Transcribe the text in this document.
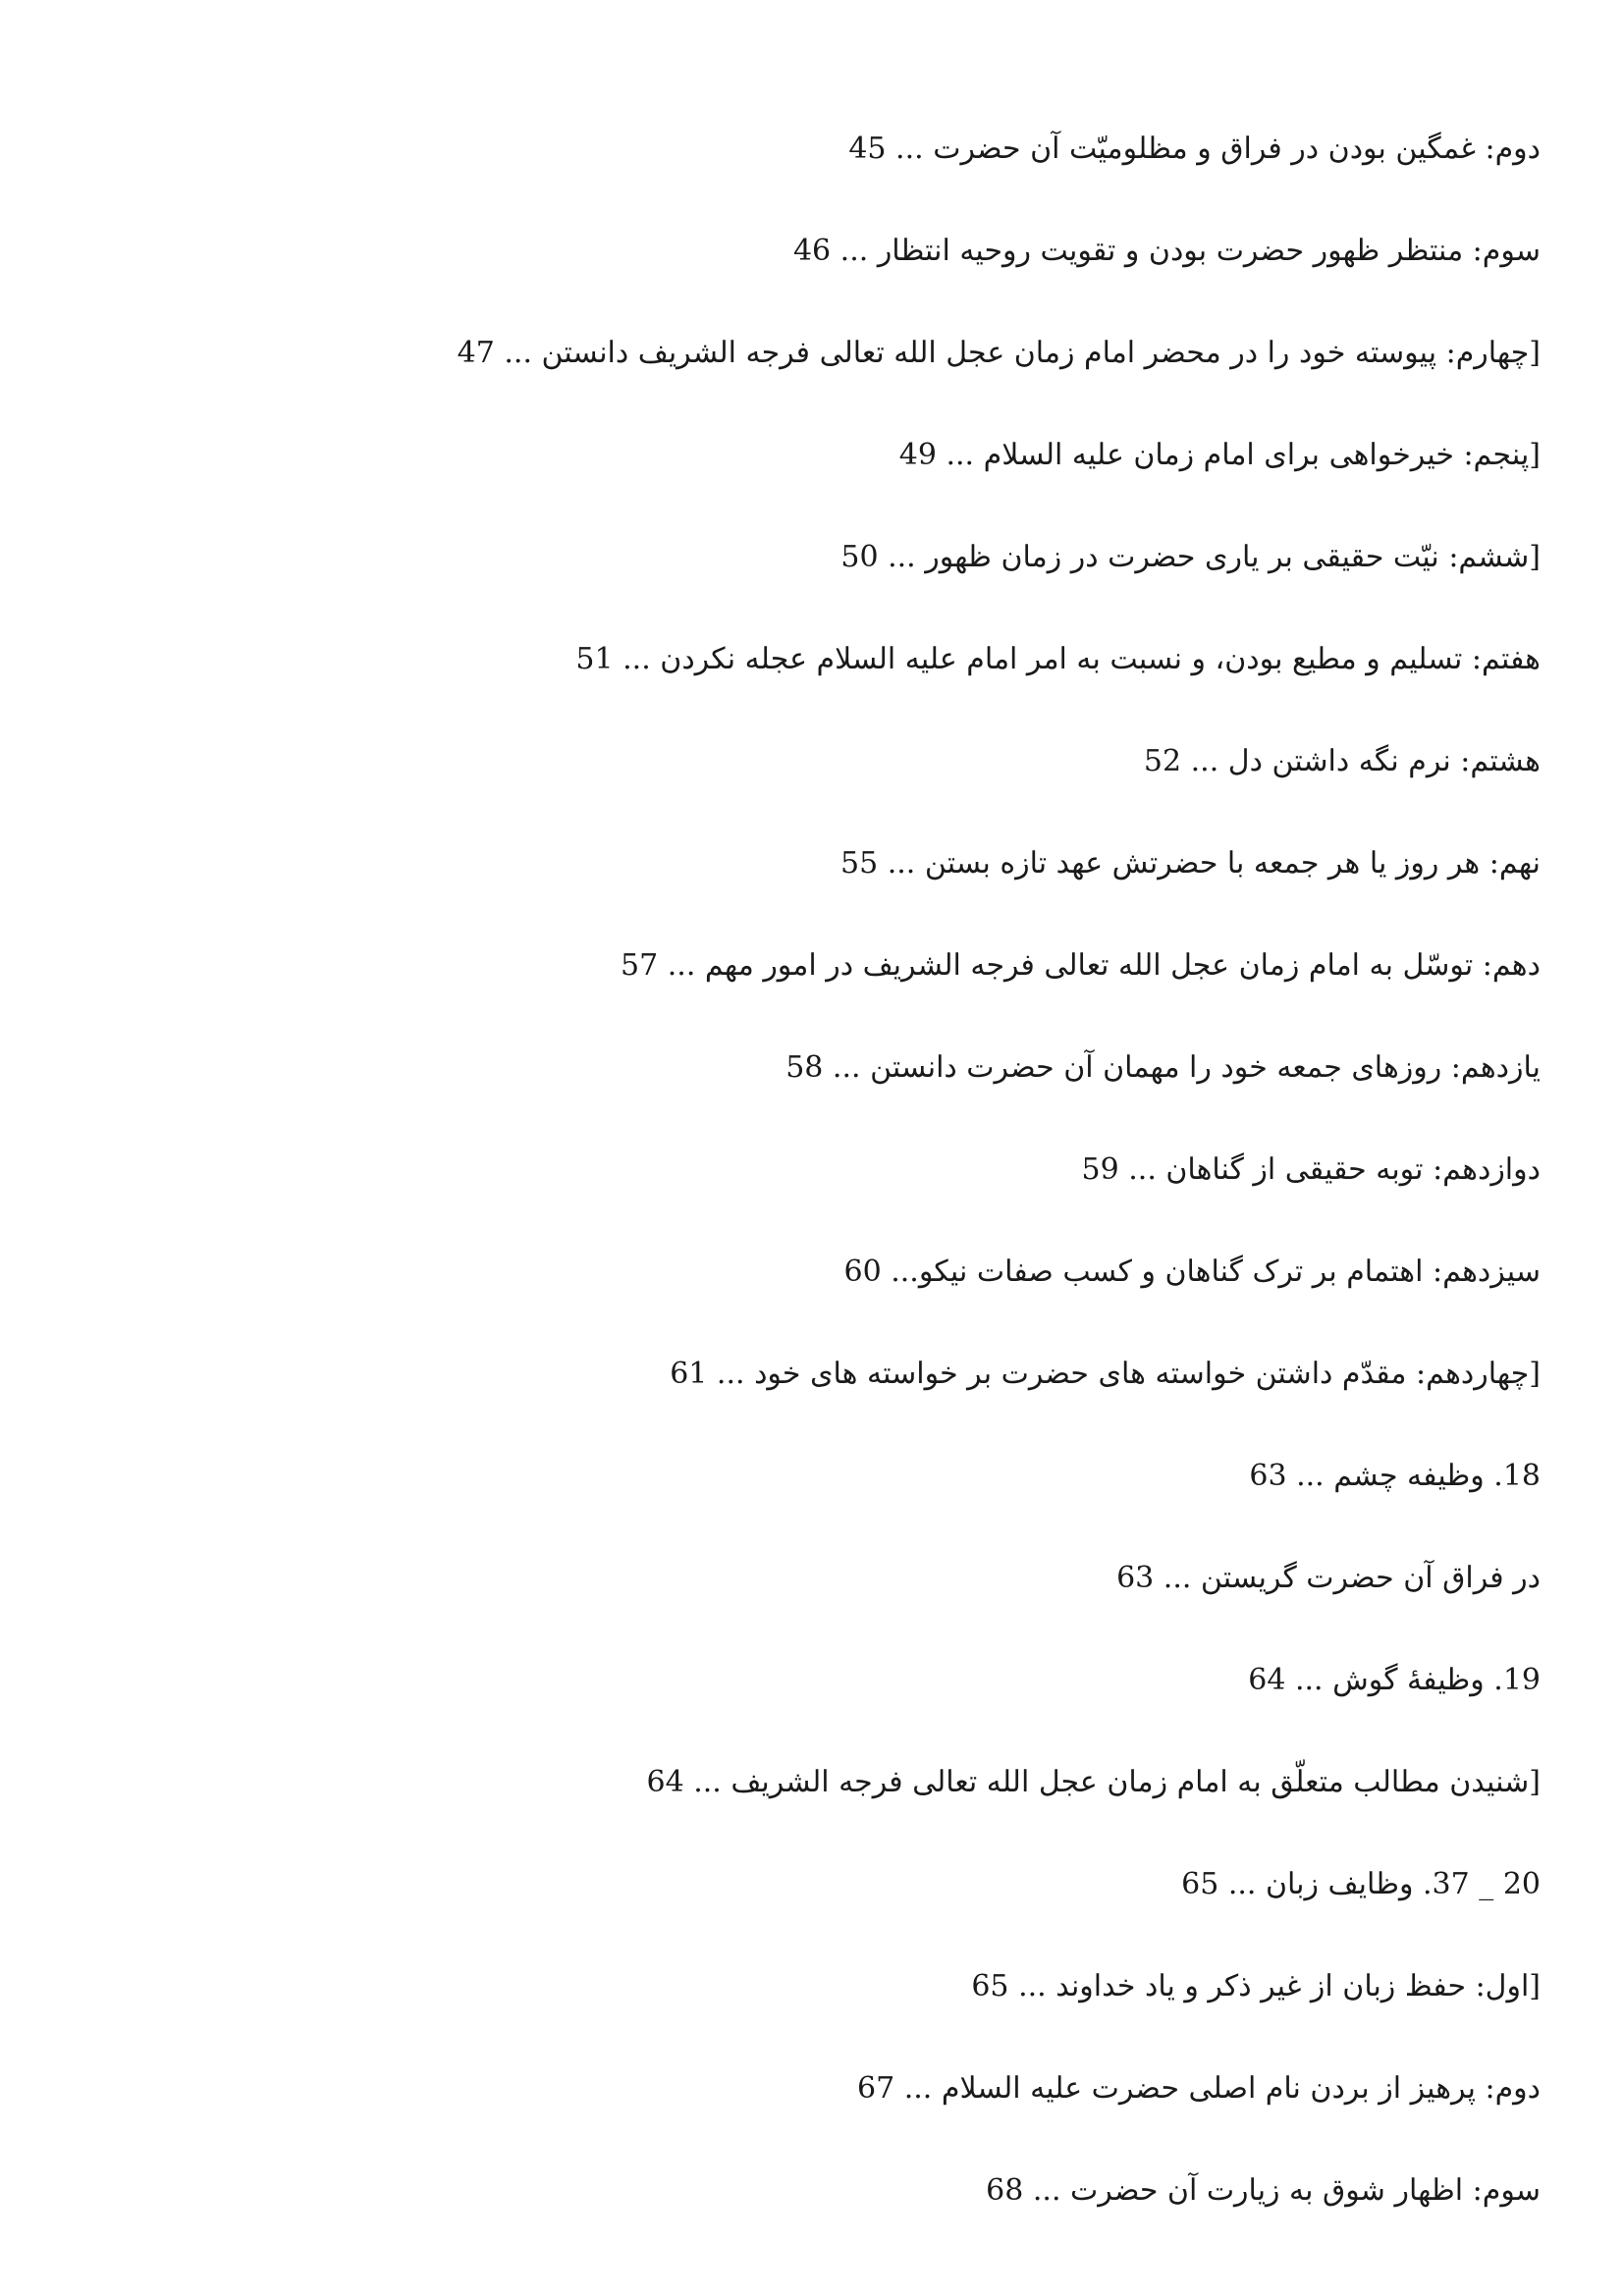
دوم: غمگین بودن در فراق و مظلومیّت آن حضرت ... 45
سوم: منتظر ظهور حضرت بودن و تقویت روحیه انتظار ... 46
[چهارم: پیوسته خود را در محضر امام زمان عجل الله تعالی فرجه الشریف دانستن ... 47
[پنجم: خیرخواهی برای امام زمان علیه السلام ... 49
[ششم: نیّت حقیقی بر یاری حضرت در زمان ظهور ... 50
هفتم: تسلیم و مطیع بودن، و نسبت به امر امام علیه السلام عجله نکردن ... 51
هشتم: نرم نگه داشتن دل ... 52
نهم: هر روز یا هر جمعه با حضرتش عهد تازه بستن ... 55
دهم: توسّل به امام زمان عجل الله تعالی فرجه الشریف در امور مهم ... 57
یازدهم: روزهای جمعه خود را مهمان آن حضرت دانستن ... 58
دوازدهم: توبه حقیقی از گناهان ... 59
سیزدهم: اهتمام بر ترک گناهان و کسب صفات نیکو... 60
[چهاردهم: مقدّم داشتن خواسته های حضرت بر خواسته های خود ... 61
18. وظیفه چشم ... 63
در فراق آن حضرت گریستن ... 63
19. وظیفۀ گوش ... 64
[شنیدن مطالب متعلّق به امام زمان عجل الله تعالی فرجه الشریف ... 64
20 _ 37. وظایف زبان ... 65
[اول: حفظ زبان از غیر ذکر و یاد خداوند ... 65
دوم: پرهیز از بردن نام اصلی حضرت علیه السلام ... 67
سوم: اظهار شوق به زیارت آن حضرت ... 68
